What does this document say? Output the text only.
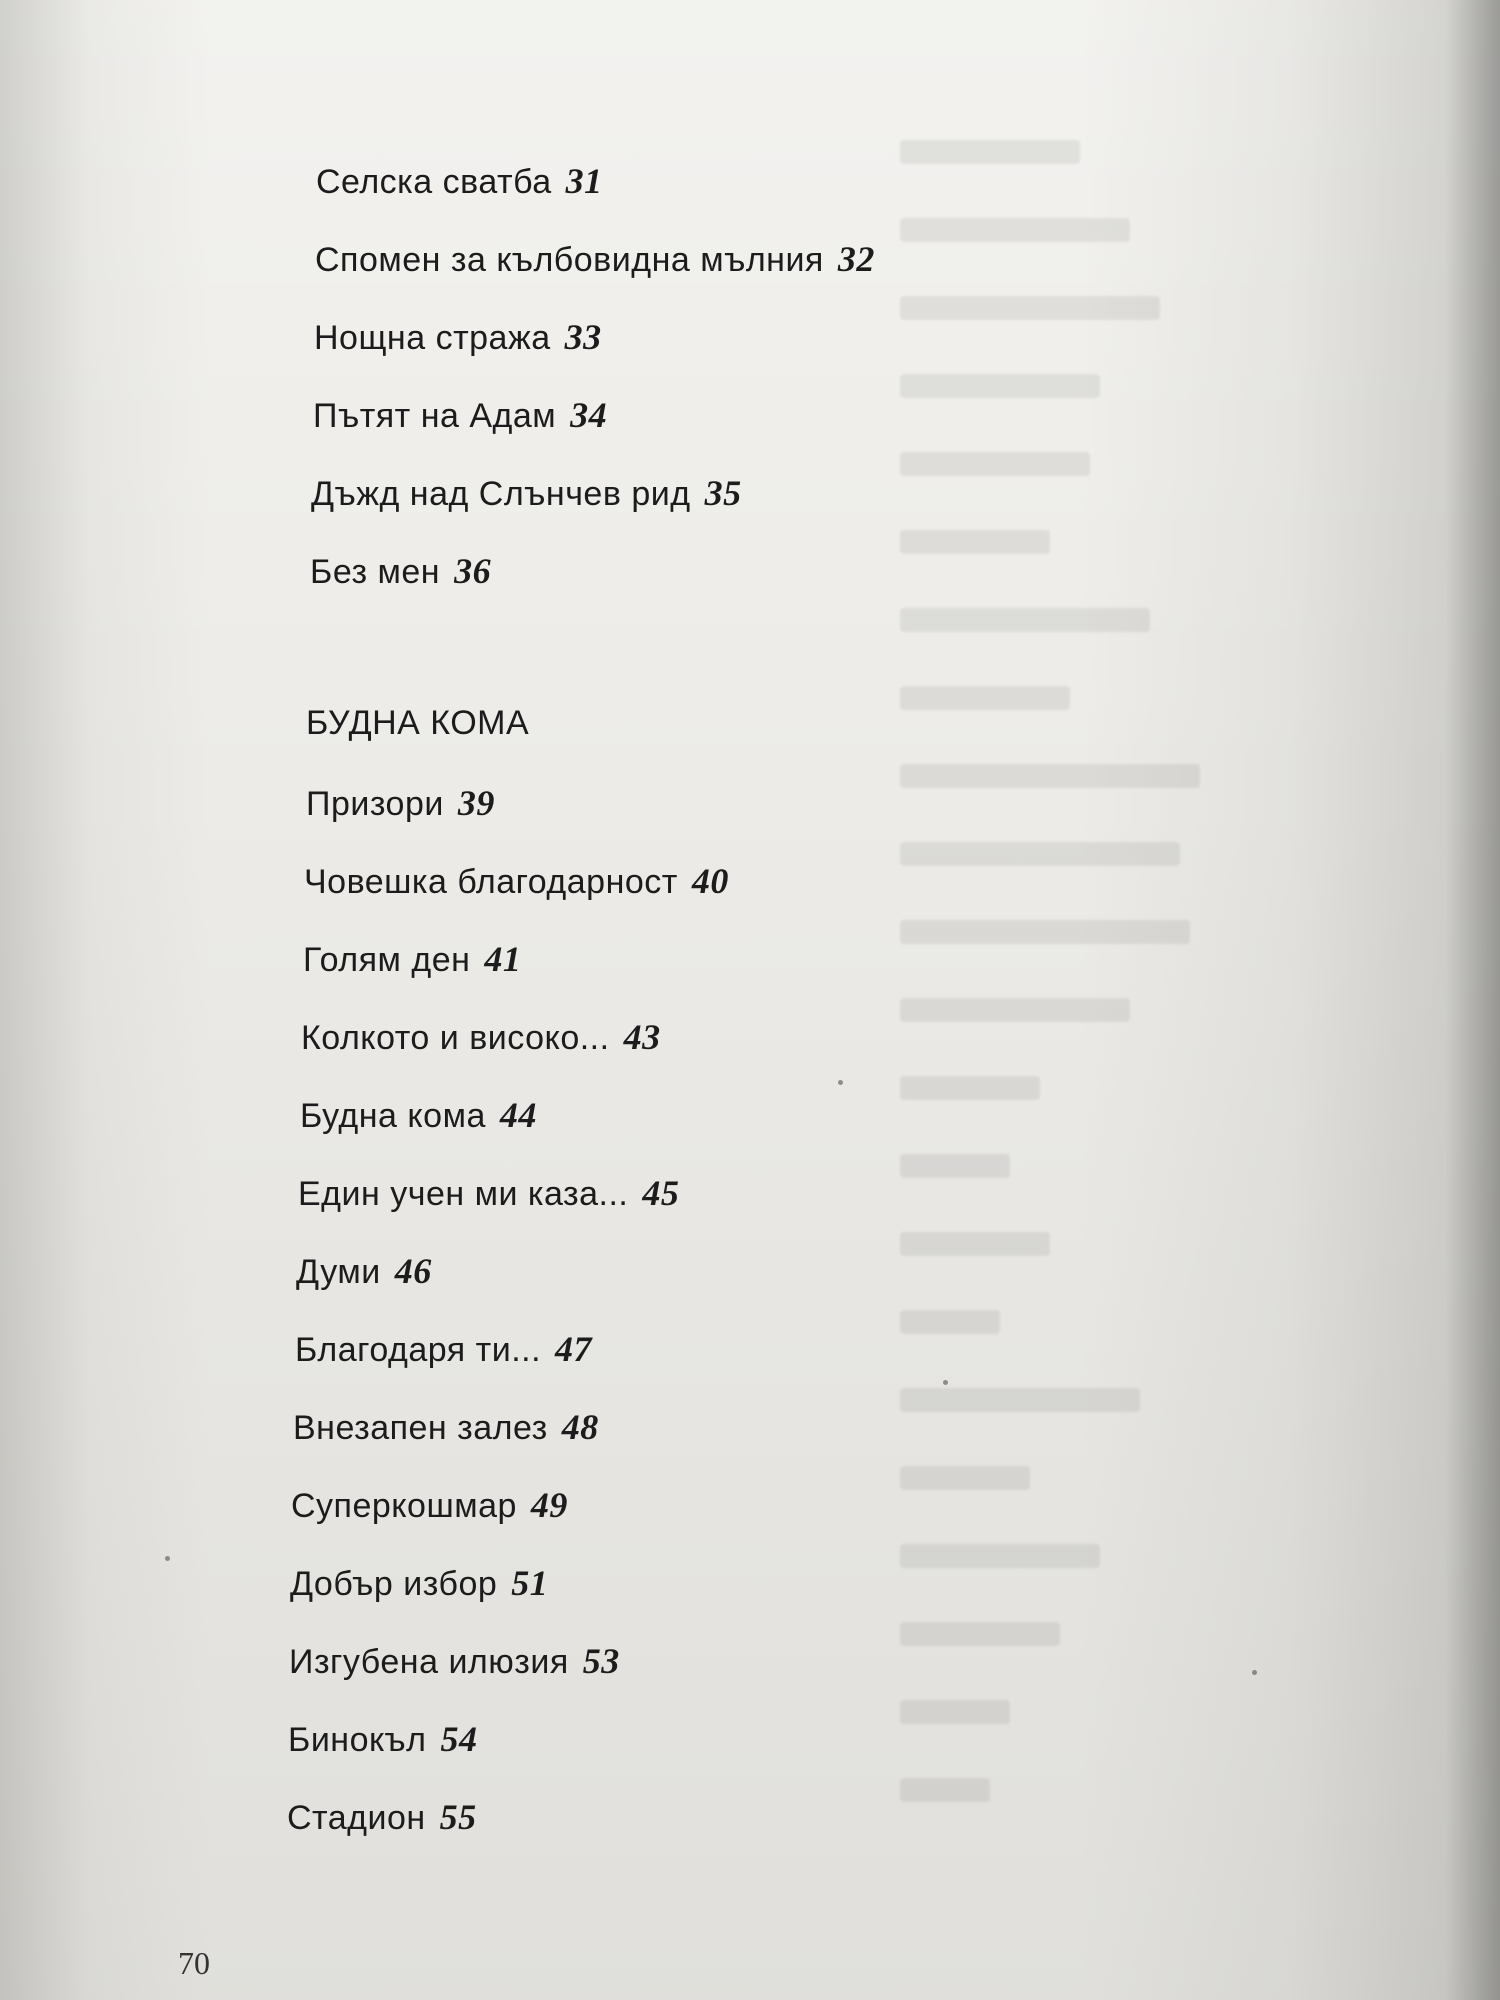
Селска сватба 31
Спомен за кълбовидна мълния 32
Нощна стража 33
Пътят на Адам 34
Дъжд над Слънчев рид 35
Без мен 36
БУДНА КОМА
Призори 39
Човешка благодарност 40
Голям ден 41
Колкото и високо... 43
Будна кома 44
Един учен ми каза... 45
Думи 46
Благодаря ти... 47
Внезапен залез 48
Суперкошмар 49
Добър избор 51
Изгубена илюзия 53
Бинокъл 54
Стадион 55
70
